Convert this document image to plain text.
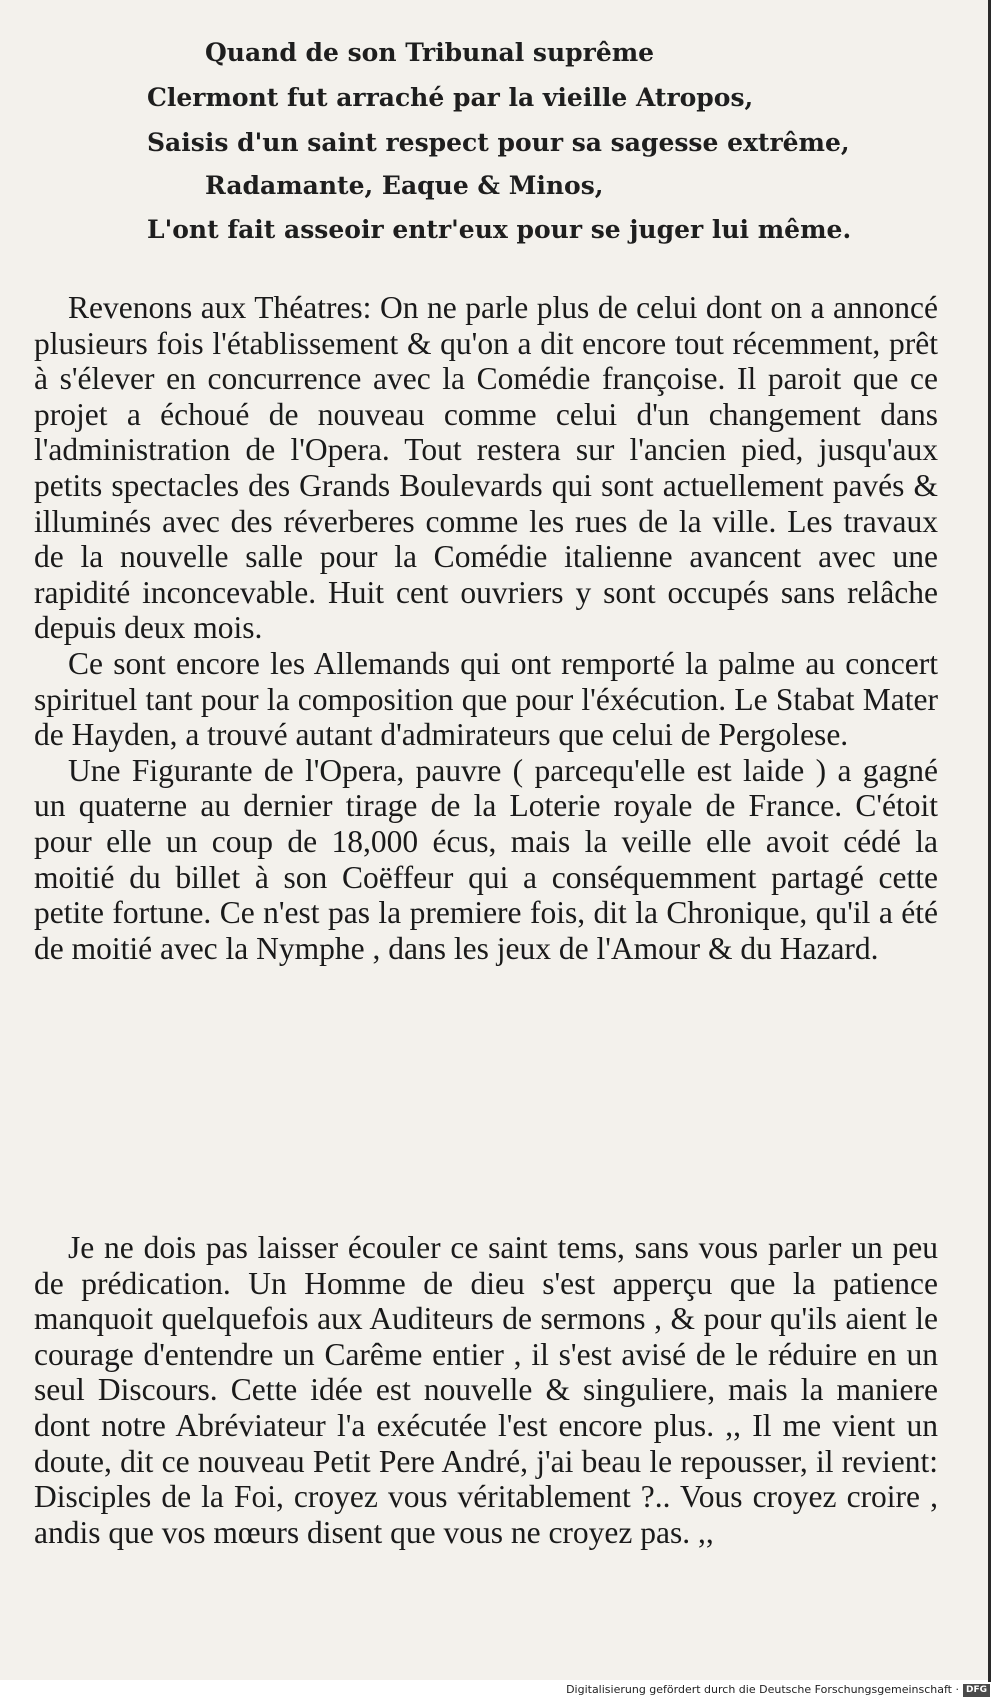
Quand de son Tribunal suprême
Clermont fut arraché par la vieille Atropos,
Saisis d'un saint respect pour sa sagesse extrême,
Radamante, Eaque & Minos,
L'ont fait asseoir entr'eux pour se juger lui même.

Revenons aux Théatres: On ne parle plus de celui dont on a annoncé plusieurs fois l'établissement & qu'on a dit encore tout récemment, prêt à s'élever en concurrence avec la Comédie françoise. Il paroit que ce projet a échoué de nouveau comme celui d'un changement dans l'administration de l'Opera. Tout restera sur l'ancien pied, jusqu'aux petits spectacles des Grands Boulevards qui sont actuellement pavés & illuminés avec des réverberes comme les rues de la ville. Les travaux de la nouvelle salle pour la Comédie italienne avancent avec une rapidité inconcevable. Huit cent ouvriers y sont occupés sans relâche depuis deux mois.

Ce sont encore les Allemands qui ont remporté la palme au concert spirituel tant pour la composition que pour l'éxécution. Le Stabat Mater de Hayden, a trouvé autant d'admirateurs que celui de Pergolese.

Une Figurante de l'Opera, pauvre ( parcequ'elle est laide ) a gagné un quaterne au dernier tirage de la Loterie royale de France. C'étoit pour elle un coup de 18,000 écus, mais la veille elle avoit cédé la moitié du billet à son Coëffeur qui a conséquemment partagé cette petite fortune. Ce n'est pas la premiere fois, dit la Chronique, qu'il a été de moitié avec la Nymphe , dans les jeux de l'Amour & du Hazard.

Je ne dois pas laisser écouler ce saint tems, sans vous parler un peu de prédication. Un Homme de dieu s'est apperçu que la patience manquoit quelquefois aux Auditeurs de sermons , & pour qu'ils aient le courage d'entendre un Carême entier , il s'est avisé de le réduire en un seul Discours. Cette idée est nouvelle & singuliere, mais la maniere dont notre Abréviateur l'a exécutée l'est encore plus. ,, Il me vient un doute, dit ce nouveau Petit Pere André, j'ai beau le repousser, il revient: Disciples de la Foi, croyez vous véritablement ?.. Vous croyez croire , andis que vos mœurs disent que vous ne croyez pas. ,,

Digitalisierung gefördert durch die Deutsche Forschungsgemeinschaft · DFG
